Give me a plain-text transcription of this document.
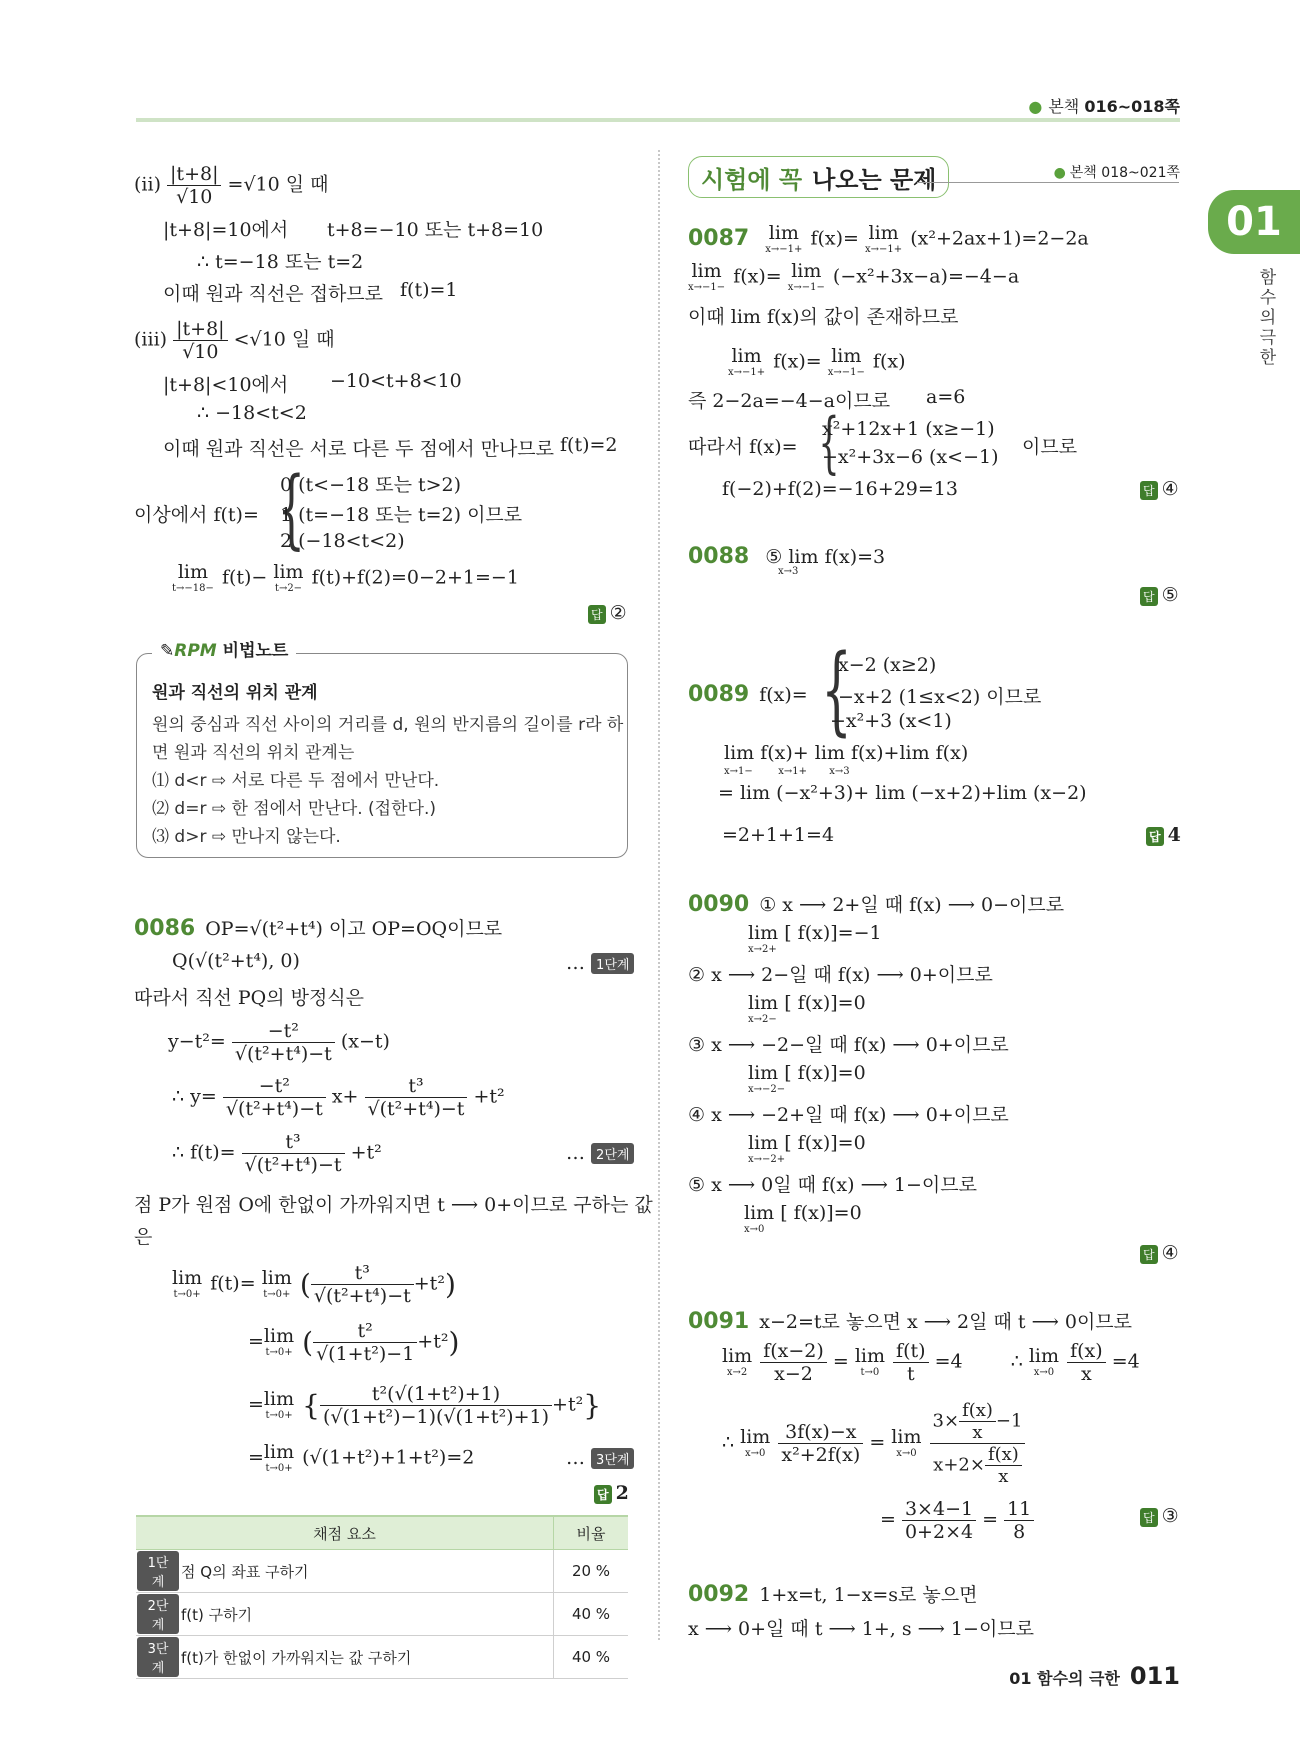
● 본책 016~018쪽
01
함수의 극한
$(ii) \frac{|t+8|}{√10} =√10$ 일 때
|t+8|=10에서 t+8=−10 또는 t+8=10
∴ t=−18 또는 t=2
이때 원과 직선은 접하므로 f(t)=1
$(iii) \frac{|t+8|}{√10} <√10$ 일 때
|t+8|<10에서 −10<t+8<10
∴ −18<t<2
이때 원과 직선은 서로 다른 두 점에서 만나므로 f(t)=2
이상에서 f(t)= {
0 (t<−18 또는 t>2)
1 (t=−18 또는 t=2) 이므로
2 (−18<t<2)
lim
t→−18− f(t)− lim
t→2− f(t)+f(2)=0−2+1=−1
답 ②
✎RPM 비법노트
원과 직선의 위치 관계
원의 중심과 직선 사이의 거리를 d, 원의 반지름의 길이를 r라 하
면 원과 직선의 위치 관계는
⑴ d<r ⇨ 서로 다른 두 점에서 만난다.
⑵ d=r ⇨ 한 점에서 만난다. (접한다.)
⑶ d>r ⇨ 만나지 않는다.
0086 OP=√(t²+t⁴) 이고 OP=OQ이므로
Q(√(t²+t⁴), 0)	… 1단계
따라서 직선 PQ의 방정식은
$y-t^2= \frac{\text{−t²}}{\text{√(t²+t⁴)−t}} (x-t)$
∴ $y= \frac{\text{−t²}}{\text{√(t²+t⁴)−t}} x+ \frac{\text{t³}}{\text{√(t²+t⁴)−t}} +t^2$
∴ $f(t)= \frac{\text{t³}}{\text{√(t²+t⁴)−t}} +t^2$	… 2단계
점 P가 원점 O에 한없이 가까워지면 t ⟶ 0+이므로 구하는 값
은
lim
t→0+ f(t)= lim
t→0+ ( $\frac{\text{t³}}{\text{√(t²+t⁴)−t}} +t^2$)
=lim
t→0+ ( $\frac{\text{t²}}{\text{√(1+t²)−1}} +t^2$)
=lim
t→0+ { $\frac{\text{t²(√(1+t²)+1)}}{\text{(√(1+t²)−1)(√(1+t²)+1)}} +t^2$}
=lim
t→0+ (√(1+t²)+1+t²)=2	… 3단계
답 2
채점 요소		비율
1단계	점 Q의 좌표 구하기	20 %
2단계	f(t) 구하기	40 %
3단계	f(t)가 한없이 가까워지는 값 구하기	40 %
시험에 꼭 나오는 문제	● 본책 018~021쪽
0087 lim
x→−1+ f(x)= lim
x→−1+ (x²+2ax+1)=2−2a
lim
x→−1− f(x)= lim
x→−1− (−x²+3x−a)=−4−a
이때 lim f(x)의 값이 존재하므로
lim
x→−1+ f(x)= lim
x→−1− f(x)
즉 2−2a=−4−a이므로 a=6
따라서 f(x)= {
x²+12x+1 (x≥−1)
−x²+3x−6 (x<−1) 이므로
f(−2)+f(2)=−16+29=13	답 ④
0088 ⑤ lim f(x)=3
x→3
답 ⑤
0089 f(x)= {
x−2 (x≥2)
−x+2 (1≤x<2) 이므로
−x²+3 (x<1)
lim f(x)+ lim f(x)+lim f(x)
x→1−        x→1+       x→3
= lim (−x²+3)+ lim (−x+2)+lim (x−2)
=2+1+1=4	답 4
0090 ① x ⟶ 2+일 때 f(x) ⟶ 0−이므로
lim [ f(x)]=−1
x→2+
② x ⟶ 2−일 때 f(x) ⟶ 0+이므로
lim [ f(x)]=0
x→2−
③ x ⟶ −2−일 때 f(x) ⟶ 0+이므로
lim [ f(x)]=0
x→−2−
④ x ⟶ −2+일 때 f(x) ⟶ 0+이므로
lim [ f(x)]=0
x→−2+
⑤ x ⟶ 0일 때 f(x) ⟶ 1−이므로
lim [ f(x)]=0
x→0
답 ④
0091 x−2=t로 놓으면 x ⟶ 2일 때 t ⟶ 0이므로
lim
x→2
$\frac{f(x-2)}{x-2} = \lim$
t→0
$\frac{f(t)}{t} =4$	∴ lim
x→0
$\frac{f(x)}{x} =4$
∴ lim
x→0
$\frac{3f(x)-x}{\text{x²+2f(x)}} = \lim$
x→0
$\frac{3\times \frac{f(x)}{x} -1}{x+2\times \frac{f(x)}{x}}$
= $\frac{3\times 4-1}{0+2\times 4} = \frac{11}{8}$	답 ③
0092 1+x=t, 1−x=s로 놓으면
x ⟶ 0+일 때 t ⟶ 1+, s ⟶ 1−이므로
01 함수의 극한 011
